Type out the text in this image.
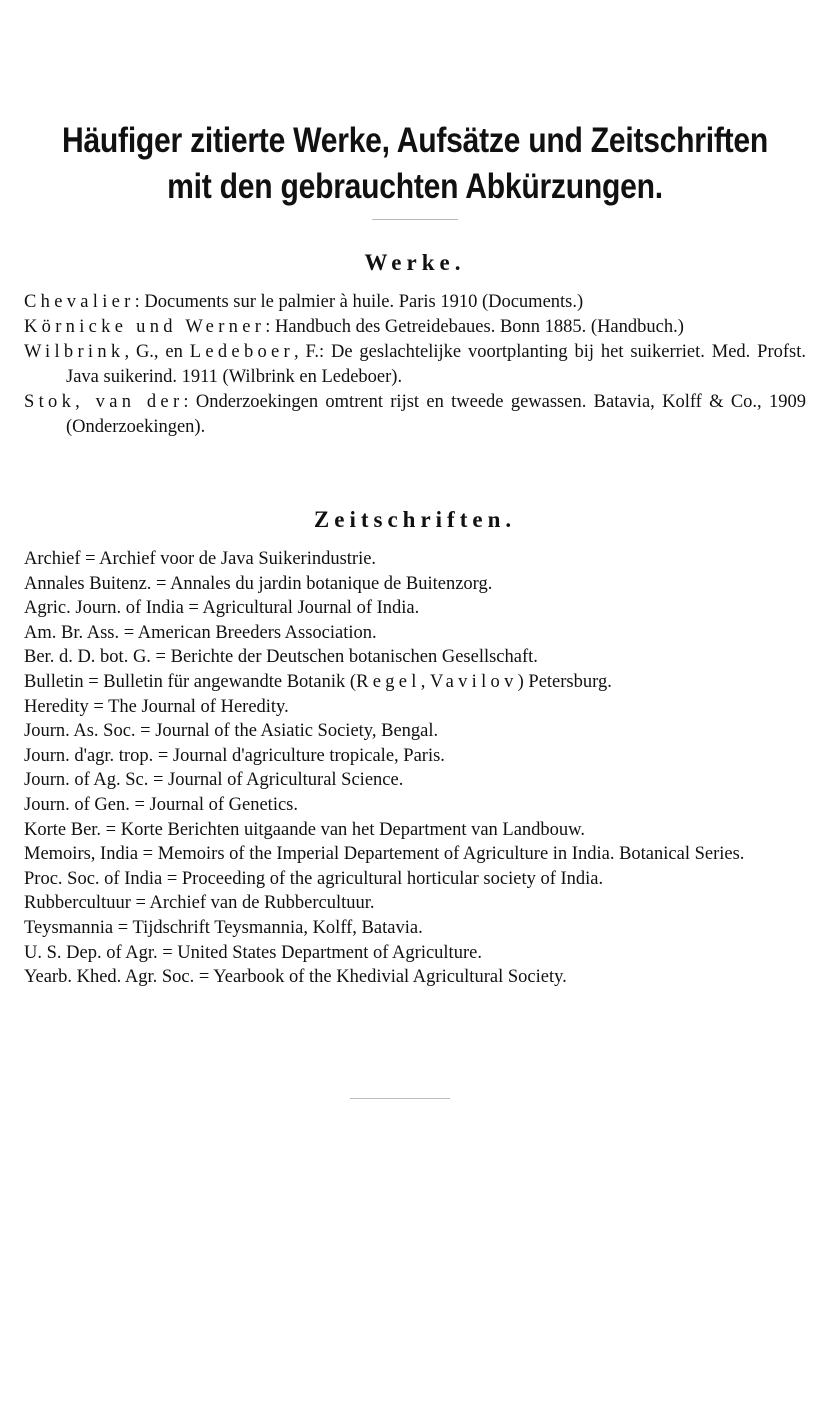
Häufiger zitierte Werke, Aufsätze und Zeitschriften
mit den gebrauchten Abkürzungen.
Werke.
Chevalier: Documents sur le palmier à huile. Paris 1910 (Documents.)
Körnicke und Werner: Handbuch des Getreidebaues. Bonn 1885. (Handbuch.)
Wilbrink, G., en Ledeboer, F.: De geslachtelijke voortplanting bij het suikerriet. Med. Profst. Java suikerind. 1911 (Wilbrink en Ledeboer).
Stok, van der: Onderzoekingen omtrent rijst en tweede gewassen. Batavia, Kolff & Co., 1909 (Onderzoekingen).
Zeitschriften.
Archief = Archief voor de Java Suikerindustrie.
Annales Buitenz. = Annales du jardin botanique de Buitenzorg.
Agric. Journ. of India = Agricultural Journal of India.
Am. Br. Ass. = American Breeders Association.
Ber. d. D. bot. G. = Berichte der Deutschen botanischen Gesellschaft.
Bulletin = Bulletin für angewandte Botanik (Regel, Vavilov) Petersburg.
Heredity = The Journal of Heredity.
Journ. As. Soc. = Journal of the Asiatic Society, Bengal.
Journ. d'agr. trop. = Journal d'agriculture tropicale, Paris.
Journ. of Ag. Sc. = Journal of Agricultural Science.
Journ. of Gen. = Journal of Genetics.
Korte Ber. = Korte Berichten uitgaande van het Department van Landbouw.
Memoirs, India = Memoirs of the Imperial Departement of Agriculture in India. Botanical Series.
Proc. Soc. of India = Proceeding of the agricultural horticular society of India.
Rubbercultuur = Archief van de Rubbercultuur.
Teysmannia = Tijdschrift Teysmannia, Kolff, Batavia.
U. S. Dep. of Agr. = United States Department of Agriculture.
Yearb. Khed. Agr. Soc. = Yearbook of the Khedivial Agricultural Society.
